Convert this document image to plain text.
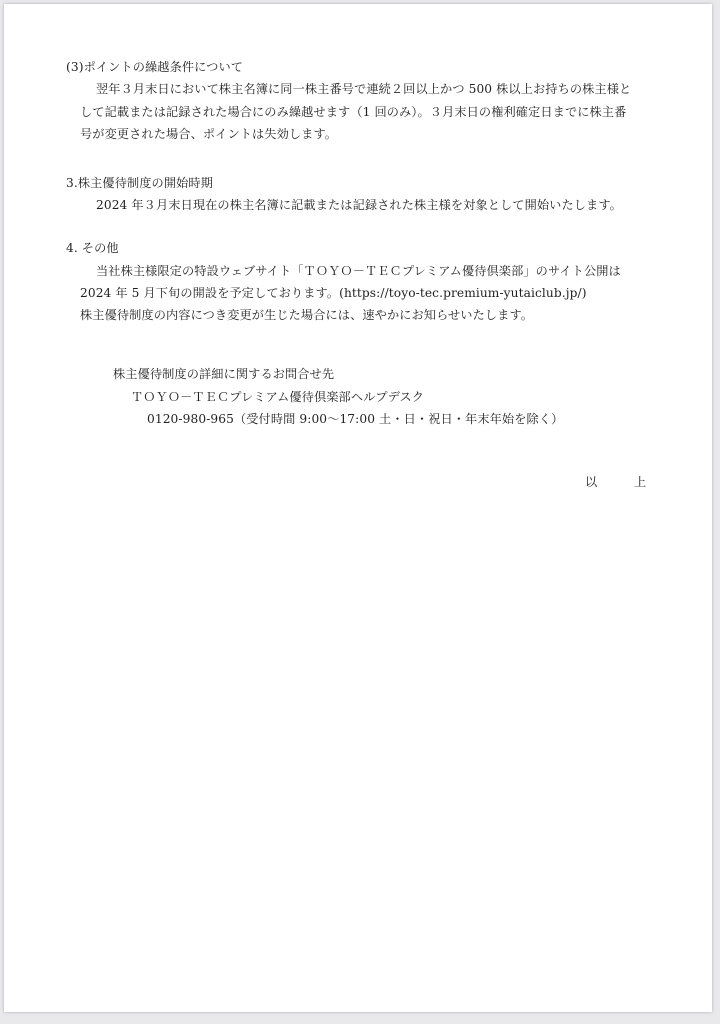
(3)ポイントの繰越条件について
翌年３月末日において株主名簿に同一株主番号で連続２回以上かつ 500 株以上お持ちの株主様と
して記載または記録された場合にのみ繰越せます（1 回のみ）。３月末日の権利確定日までに株主番
号が変更された場合、ポイントは失効します。
3.株主優待制度の開始時期
2024 年３月末日現在の株主名簿に記載または記録された株主様を対象として開始いたします。
4. その他
当社株主様限定の特設ウェブサイト「ＴＯＹＯ－ＴＥＣプレミアム優待倶楽部」のサイト公開は
2024 年 5 月下旬の開設を予定しております。(https://toyo-tec.premium-yutaiclub.jp/)
株主優待制度の内容につき変更が生じた場合には、速やかにお知らせいたします。
株主優待制度の詳細に関するお問合せ先
ＴＯＹＯ－ＴＥＣプレミアム優待倶楽部ヘルプデスク
0120-980-965（受付時間 9:00～17:00 土・日・祝日・年末年始を除く）
以	上
